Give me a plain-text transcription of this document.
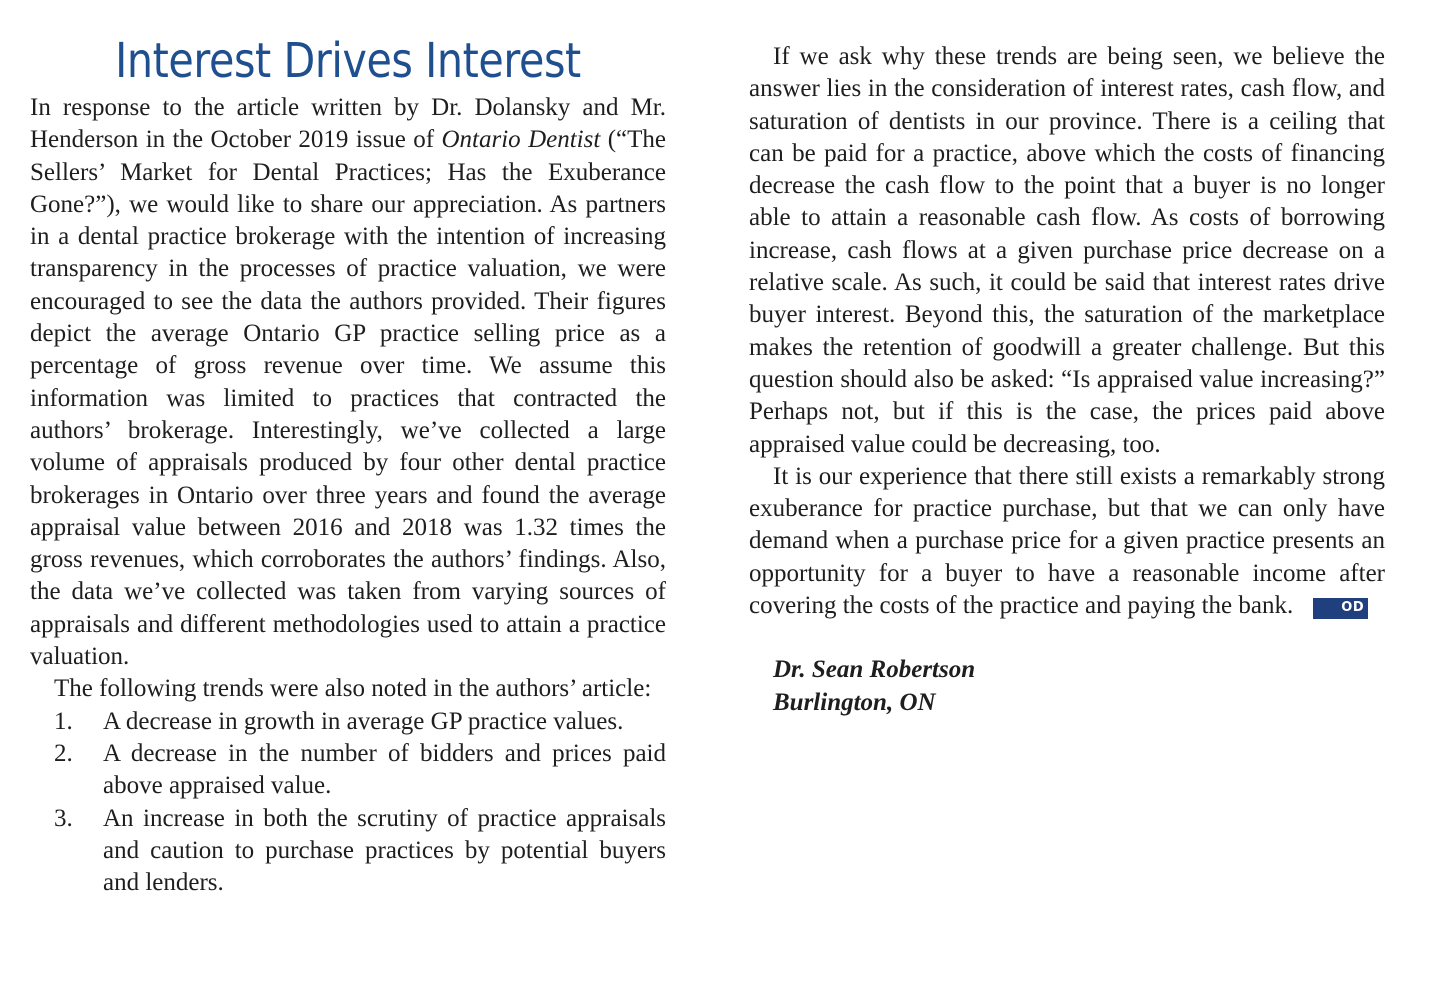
Interest Drives Interest

In response to the article written by Dr. Dolansky and Mr. Henderson in the October 2019 issue of Ontario Dentist (“The Sellers’ Market for Dental Practices; Has the Exuberance Gone?”), we would like to share our appreciation. As partners in a dental practice brokerage with the intention of increasing transparency in the processes of practice valuation, we were encouraged to see the data the authors provided. Their figures depict the average Ontario GP practice selling price as a percentage of gross revenue over time. We assume this information was limited to practices that contracted the authors’ brokerage. Interestingly, we’ve collected a large volume of appraisals produced by four other dental practice brokerages in Ontario over three years and found the average appraisal value between 2016 and 2018 was 1.32 times the gross revenues, which corroborates the authors’ findings. Also, the data we’ve collected was taken from varying sources of appraisals and different methodologies used to attain a practice valuation.

The following trends were also noted in the authors’ article:

1.	A decrease in growth in average GP practice values.
2.	A decrease in the number of bidders and prices paid above appraised value.
3.	An increase in both the scrutiny of practice appraisals and caution to purchase practices by potential buyers and lenders.

If we ask why these trends are being seen, we believe the answer lies in the consideration of interest rates, cash flow, and saturation of dentists in our province. There is a ceiling that can be paid for a practice, above which the costs of financing decrease the cash flow to the point that a buyer is no longer able to attain a reasonable cash flow. As costs of borrowing increase, cash flows at a given purchase price decrease on a relative scale. As such, it could be said that interest rates drive buyer interest. Beyond this, the saturation of the marketplace makes the retention of goodwill a greater challenge. But this question should also be asked: “Is appraised value increasing?” Perhaps not, but if this is the case, the prices paid above appraised value could be decreasing, too.

It is our experience that there still exists a remarkably strong exuberance for practice purchase, but that we can only have demand when a purchase price for a given practice presents an opportunity for a buyer to have a reasonable income after covering the costs of the practice and paying the bank.	OD

Dr. Sean Robertson
Burlington, ON
